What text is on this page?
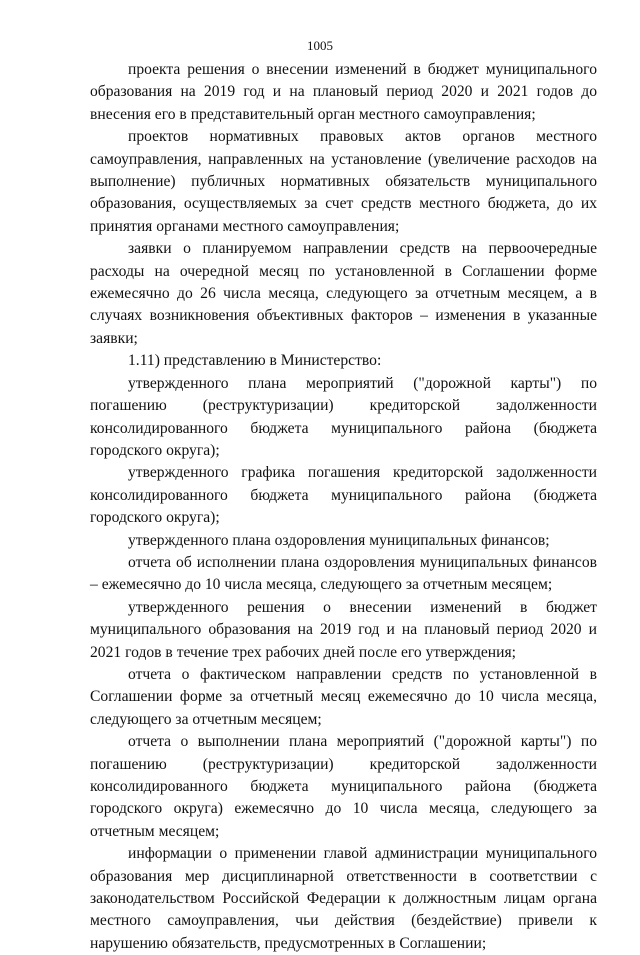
1005

проекта решения о внесении изменений в бюджет муниципального образования на 2019 год и на плановый период 2020 и 2021 годов до внесения его в представительный орган местного самоуправления;

проектов нормативных правовых актов органов местного самоуправления, направленных на установление (увеличение расходов на выполнение) публичных нормативных обязательств муниципального образования, осуществляемых за счет средств местного бюджета, до их принятия органами местного самоуправления;

заявки о планируемом направлении средств на первоочередные расходы на очередной месяц по установленной в Соглашении форме ежемесячно до 26 числа месяца, следующего за отчетным месяцем, а в случаях возникновения объективных факторов – изменения в указанные заявки;

1.11) представлению в Министерство:

утвержденного плана мероприятий ("дорожной карты") по погашению (реструктуризации) кредиторской задолженности консолидированного бюджета муниципального района (бюджета городского округа);

утвержденного графика погашения кредиторской задолженности консолидированного бюджета муниципального района (бюджета городского округа);

утвержденного плана оздоровления муниципальных финансов;

отчета об исполнении плана оздоровления муниципальных финансов – ежемесячно до 10 числа месяца, следующего за отчетным месяцем;

утвержденного решения о внесении изменений в бюджет муниципального образования на 2019 год и на плановый период 2020 и 2021 годов в течение трех рабочих дней после его утверждения;

отчета о фактическом направлении средств по установленной в Соглашении форме за отчетный месяц ежемесячно до 10 числа месяца, следующего за отчетным месяцем;

отчета о выполнении плана мероприятий ("дорожной карты") по погашению (реструктуризации) кредиторской задолженности консолидированного бюджета муниципального района (бюджета городского округа) ежемесячно до 10 числа месяца, следующего за отчетным месяцем;

информации о применении главой администрации муниципального образования мер дисциплинарной ответственности в соответствии с законодательством Российской Федерации к должностным лицам органа местного самоуправления, чьи действия (бездействие) привели к нарушению обязательств, предусмотренных в Соглашении;
